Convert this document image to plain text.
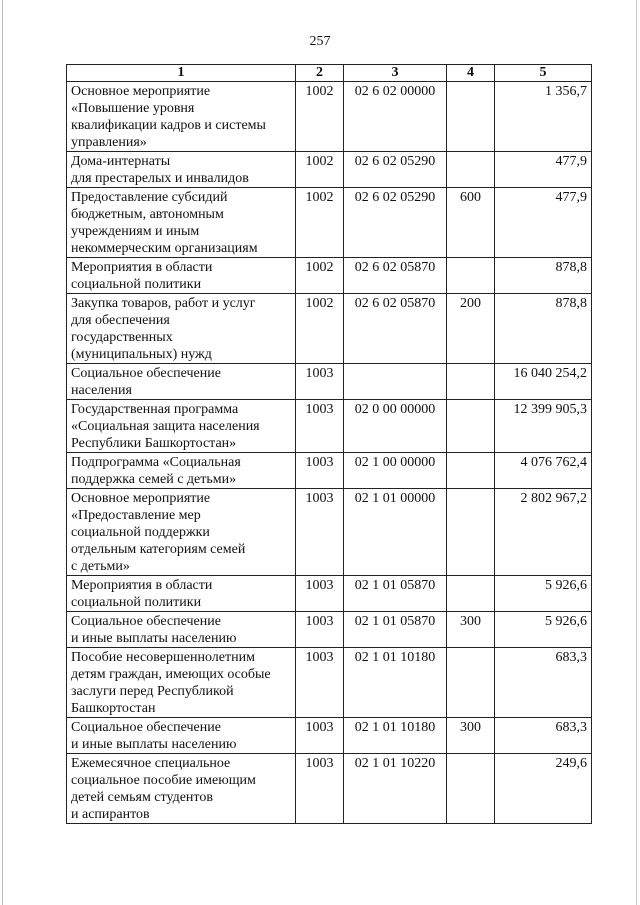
257
1	2	3	4	5
Основное мероприятие
«Повышение уровня
квалификации кадров и системы
управления»	1002	02 6 02 00000		1 356,7
Дома-интернаты
для престарелых и инвалидов	1002	02 6 02 05290		477,9
Предоставление субсидий
бюджетным, автономным
учреждениям и иным
некоммерческим организациям	1002	02 6 02 05290	600	477,9
Мероприятия в области
социальной политики	1002	02 6 02 05870		878,8
Закупка товаров, работ и услуг
для обеспечения
государственных
(муниципальных) нужд	1002	02 6 02 05870	200	878,8
Социальное обеспечение
населения	1003			16 040 254,2
Государственная программа
«Социальная защита населения
Республики Башкортостан»	1003	02 0 00 00000		12 399 905,3
Подпрограмма «Социальная
поддержка семей с детьми»	1003	02 1 00 00000		4 076 762,4
Основное мероприятие
«Предоставление мер
социальной поддержки
отдельным категориям семей
с детьми»	1003	02 1 01 00000		2 802 967,2
Мероприятия в области
социальной политики	1003	02 1 01 05870		5 926,6
Социальное обеспечение
и иные выплаты населению	1003	02 1 01 05870	300	5 926,6
Пособие несовершеннолетним
детям граждан, имеющих особые
заслуги перед Республикой
Башкортостан	1003	02 1 01 10180		683,3
Социальное обеспечение
и иные выплаты населению	1003	02 1 01 10180	300	683,3
Ежемесячное специальное
социальное пособие имеющим
детей семьям студентов
и аспирантов	1003	02 1 01 10220		249,6
